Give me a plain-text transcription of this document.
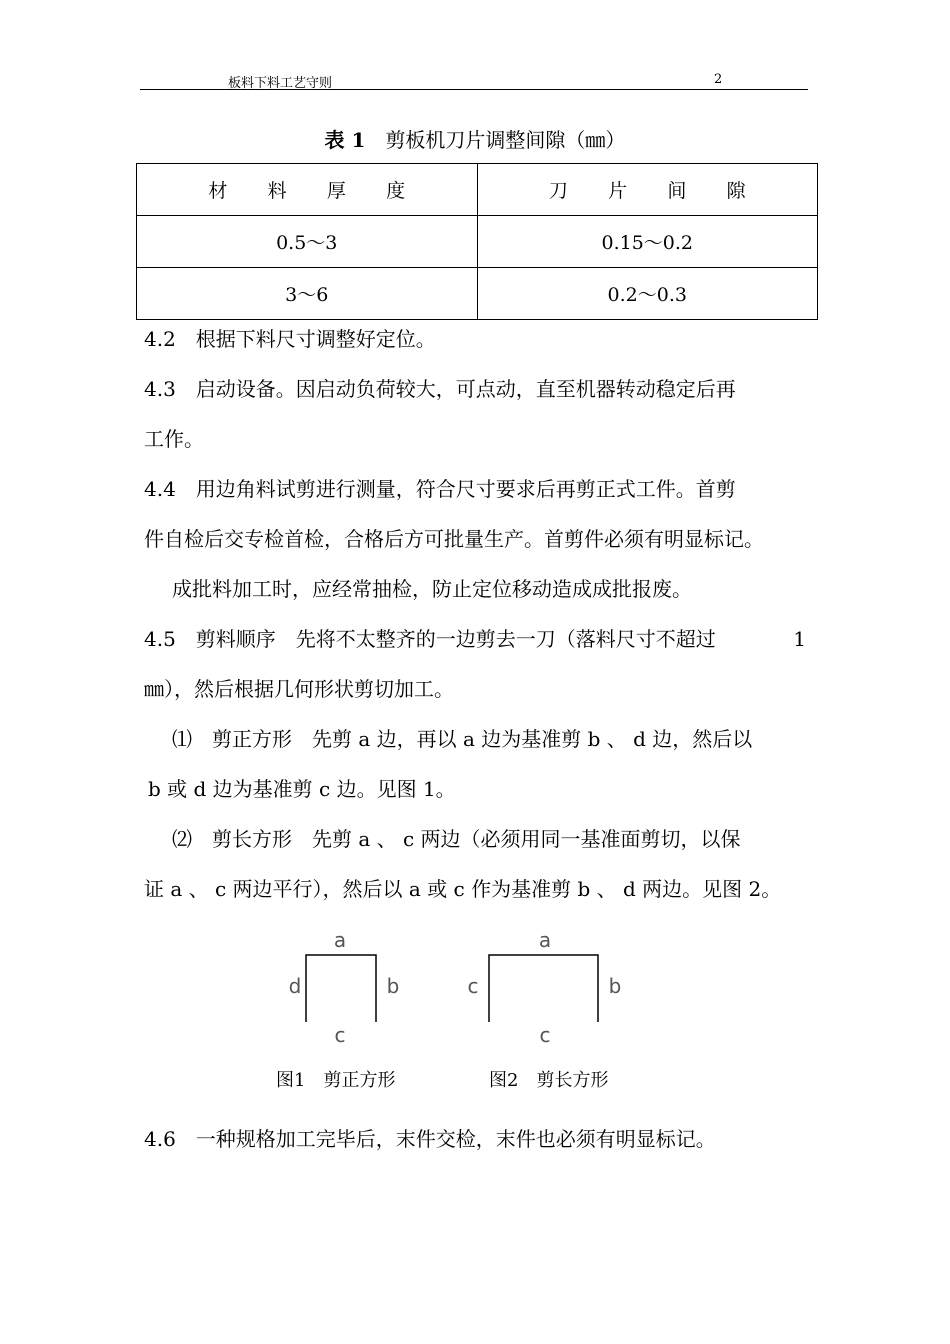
板料下料工艺守则	2
表 1　 剪板机刀片调整间隙（㎜）
材 料 厚 度	刀 片 间 隙
0.5～3	0.15～0.2
3～6	0.2～0.3
4.2　根据下料尺寸调整好定位。
4.3　启动设备。因启动负荷较大，可点动，直至机器转动稳定后再
工作。
4.4　用边角料试剪进行测量，符合尺寸要求后再剪正式工件。首剪
件自检后交专检首检，合格后方可批量生产。首剪件必须有明显标记。
成批料加工时，应经常抽检，防止定位移动造成成批报废。
4.5　剪料顺序　先将不太整齐的一边剪去一刀（落料尺寸不超过	1
㎜），然后根据几何形状剪切加工。
⑴　剪正方形　先剪 a 边，再以 a 边为基准剪 b 、 d 边，然后以
b 或 d 边为基准剪 c 边。见图 1。
⑵　剪长方形　先剪 a 、 c 两边（必须用同一基准面剪切，以保
证 a 、 c 两边平行），然后以 a 或 c 作为基准剪 b 、 d 两边。见图 2。
a
d	b
c
a
c	b
c
图1　剪正方形	图2　剪长方形
4.6　一种规格加工完毕后，末件交检，末件也必须有明显标记。
